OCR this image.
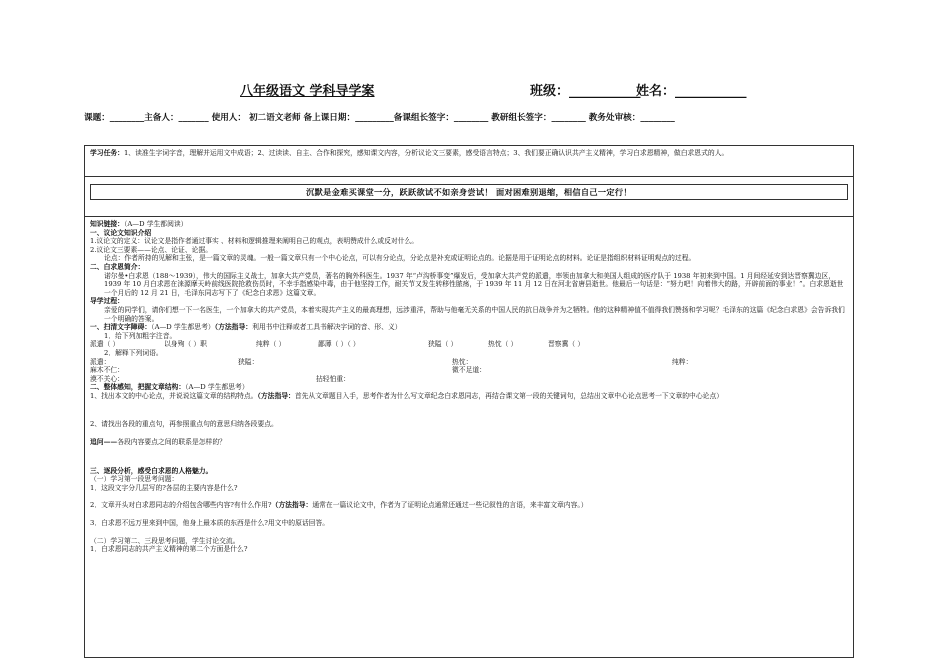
八年级语文 学科导学案	班级：___________
姓名：___________
课题：________主备人：_______ 使用人： 初二语文老师 备上课日期：_________备课组长签字：________ 教研组长签字：________ 教务处审核：________
学习任务：1、读准生字词字音，理解并运用文中成语；2、过读读、自主、合作和探究，感知课文内容，分析议论文三要素，感受语言特点；3、我们要正确认识共产主义精神，学习白求恩精神，做白求恩式的人。
沉默是金难买课堂一分，跃跃欲试不如亲身尝试！ 面对困难别退缩，相信自己一定行！

知识链接：（A—D 学生都阅读）

一、议论文知识介绍

1.议论文的定义：议论文是指作者通过事实 、材料和逻辑推理来阐明自己的观点，表明赞成什么或反对什么。

2.议论文三要素——论点、论证、论据。

论点：作者所持的见解和主张，是一篇文章的灵魂。一般一篇文章只有一个中心论点，可以有分论点，分论点是补充或证明论点的。论据是用于证明论点的材料。论证是指组织材料证明观点的过程。

二、白求恩简介：

诺尔曼•白求恩（188～1939），伟大的国际主义战士，加拿大共产党员，著名的胸外科医生。1937 年“卢沟桥事变”爆发后，受加拿大共产党的派遣，率领由加拿大和美国人组成的医疗队于 1938 年初来到中国。1 月间经延安到达晋察冀边区，1939 年 10 月白求恩在涞源摩天岭前线医院抢救伤员时，不幸手指感染中毒，由于他坚持工作，耐关节又发生转移性脓疡，于 1939 年 11 月 12 日在河北省唐县逝世。他最后一句话是：“努力吧！向着伟大的路，开辟前面的事业！”。白求恩逝世一个月后的 12 月 21 日，毛泽东同志写下了《纪念白求恩》这篇文章。

导学过程：

亲爱的同学们，请你们想一下一名医生，一个加拿大的共产党员，本着实现共产主义的最高理想，远涉重洋，帮助与他毫无关系的中国人民的抗日战争并为之牺牲。他的这种精神值不值得我们赞扬和学习呢？毛泽东的这篇《纪念白求恩》会告诉我们一个明确的答案。

一、扫清文字障碍：（A—D 学生都思考）（方法指导：利用书中注释或者工具书解决字词的音、形、义）

1．给下列加粗字注音。

派遣（ ）	以身殉（ ）职	纯粹（ ）	鄙薄（ ）（ ）	狭隘（ ）	热忱（ ）	晋察冀（ ）

2．解释下列词语。

派遣：	狭隘：	热忱：	纯粹：
麻木不仁：	微不足道：
漠不关心：	拈轻怕重：

二、整体感知，把握文章结构：（A—D 学生都思考）

1、找出本文的中心论点，并说说这篇文章的结构特点。（方法指导：首先从文章题目入手，思考作者为什么写文章纪念白求恩同志，再结合课文第一段的关键词句，总结出文章中心论点思考一下文章的中心论点）

2、请找出各段的重点句，再参照重点句的意思归纳各段要点。

追问——各段内容要点之间的联系是怎样的？

三、逐段分析，感受白求恩的人格魅力。

（一）学习第一段思考问题：

1．这段文字分几层写的?各层的主要内容是什么?

2．文章开头对白求恩同志的介绍包含哪些内容?有什么作用?（方法指导：通常在一篇议论文中，作者为了证明论点通常还通过一些记叙性的言语，来丰富文章内容。）

3．白求恩不远万里来到中国，他身上最本质的东西是什么?用文中的原话回答。

（二）学习第二、三段思考问题，学生讨论交流。

1．白求恩同志的共产主义精神的第二个方面是什么?
